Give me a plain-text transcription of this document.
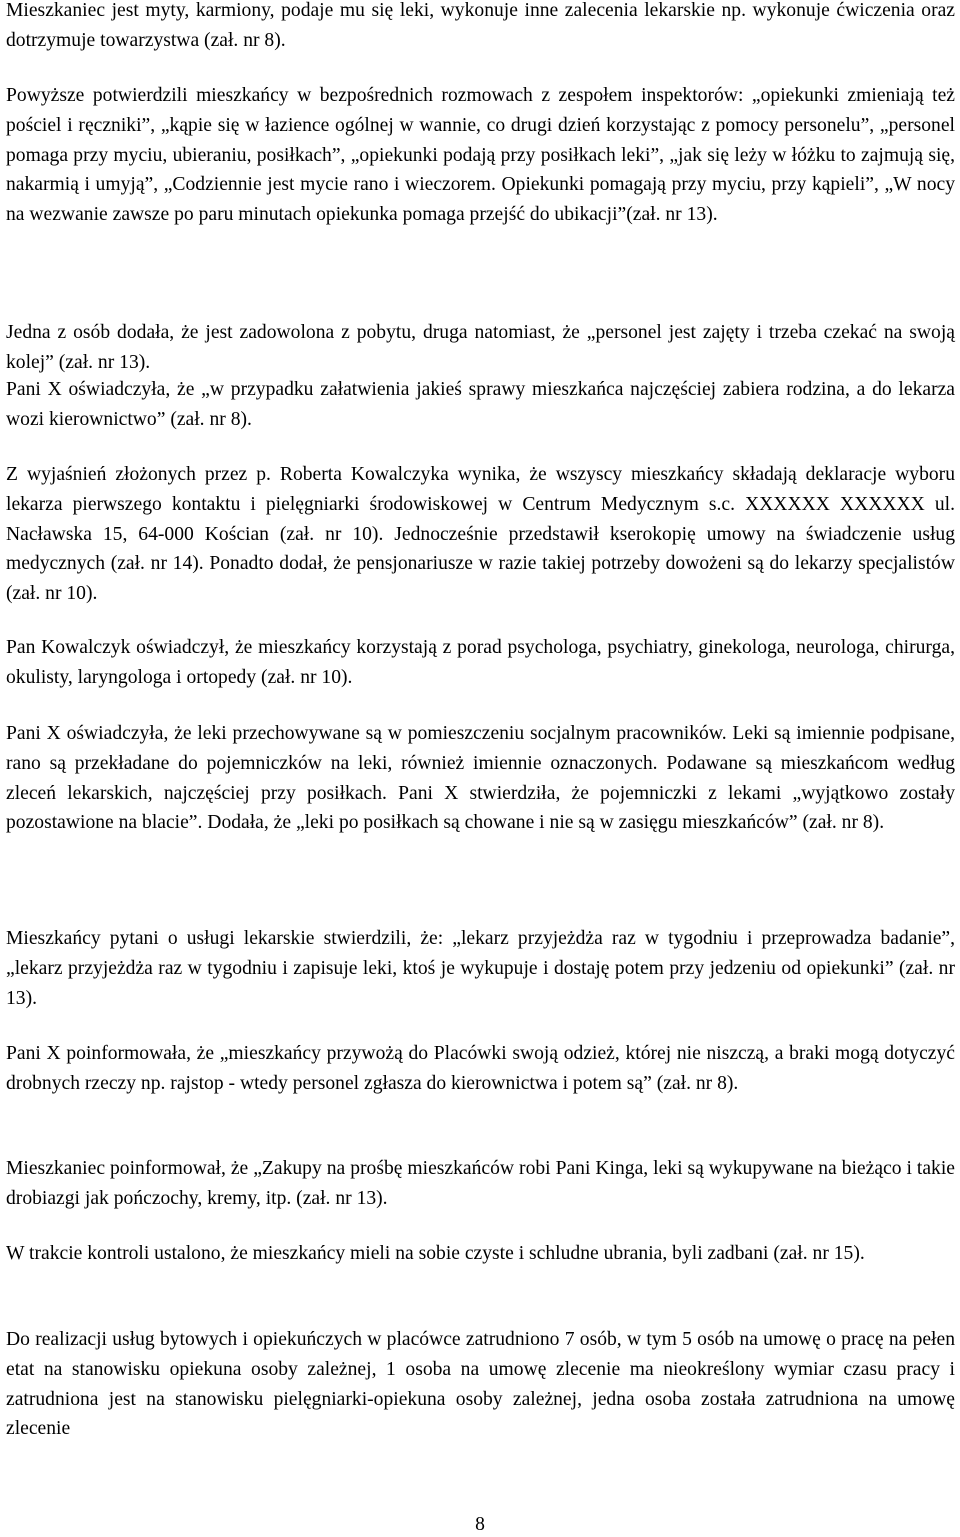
Mieszkaniec jest myty, karmiony, podaje mu się leki, wykonuje inne zalecenia lekarskie np. wykonuje ćwiczenia oraz dotrzymuje towarzystwa (zał. nr 8).

Powyższe potwierdzili mieszkańcy w bezpośrednich rozmowach z zespołem inspektorów: „opiekunki zmieniają też pościel i ręczniki”, „kąpie się w łazience ogólnej w wannie, co drugi dzień korzystając z pomocy personelu”, „personel pomaga przy myciu, ubieraniu, posiłkach”, „opiekunki podają przy posiłkach leki”, „jak się leży w łóżku to zajmują się, nakarmią i umyją”, „Codziennie jest mycie rano i wieczorem. Opiekunki pomagają przy myciu, przy kąpieli”, „W nocy na wezwanie zawsze po paru minutach opiekunka pomaga przejść do ubikacji”(zał. nr 13).

Jedna z osób dodała, że jest zadowolona z pobytu, druga natomiast, że „personel jest zajęty i trzeba czekać na swoją kolej” (zał. nr 13).

Pani X oświadczyła, że „w przypadku załatwienia jakieś sprawy mieszkańca najczęściej zabiera rodzina, a do lekarza wozi kierownictwo” (zał. nr 8).

Z wyjaśnień złożonych przez p. Roberta Kowalczyka wynika, że wszyscy mieszkańcy składają deklaracje wyboru lekarza pierwszego kontaktu i pielęgniarki środowiskowej w Centrum Medycznym s.c. XXXXXX XXXXXX ul. Nacławska 15, 64-000 Kościan (zał. nr 10). Jednocześnie przedstawił kserokopię umowy na świadczenie usług medycznych (zał. nr 14). Ponadto dodał, że pensjonariusze w razie takiej potrzeby dowożeni są do lekarzy specjalistów (zał. nr 10).

Pan Kowalczyk oświadczył, że mieszkańcy korzystają z porad psychologa, psychiatry, ginekologa, neurologa, chirurga, okulisty, laryngologa i ortopedy (zał. nr 10).

Pani X oświadczyła, że leki przechowywane są w pomieszczeniu socjalnym pracowników. Leki są imiennie podpisane, rano są przekładane do pojemniczków na leki, również imiennie oznaczonych. Podawane są mieszkańcom według zleceń lekarskich, najczęściej przy posiłkach. Pani X stwierdziła, że pojemniczki z lekami „wyjątkowo zostały pozostawione na blacie”. Dodała, że „leki po posiłkach są chowane i nie są w zasięgu mieszkańców” (zał. nr 8).

Mieszkańcy pytani o usługi lekarskie stwierdzili, że: „lekarz przyjeżdża raz w tygodniu i przeprowadza badanie”, „lekarz przyjeżdża raz w tygodniu i zapisuje leki, ktoś je wykupuje i dostaję potem przy jedzeniu od opiekunki” (zał. nr 13).

Pani X poinformowała, że „mieszkańcy przywożą do Placówki swoją odzież, której nie niszczą, a braki mogą dotyczyć drobnych rzeczy np. rajstop - wtedy personel zgłasza do kierownictwa i potem są” (zał. nr 8).

Mieszkaniec poinformował, że „Zakupy na prośbę mieszkańców robi Pani Kinga, leki są wykupywane na bieżąco i takie drobiazgi jak pończochy, kremy, itp. (zał. nr 13).

W trakcie kontroli ustalono, że mieszkańcy mieli na sobie czyste i schludne ubrania, byli zadbani (zał. nr 15).

Do realizacji usług bytowych i opiekuńczych w placówce zatrudniono 7 osób, w tym 5 osób na umowę o pracę na pełen etat na stanowisku opiekuna osoby zależnej, 1 osoba na umowę zlecenie ma nieokreślony wymiar czasu pracy i zatrudniona jest na stanowisku pielęgniarki-opiekuna osoby zależnej, jedna osoba została zatrudniona na umowę zlecenie

8
